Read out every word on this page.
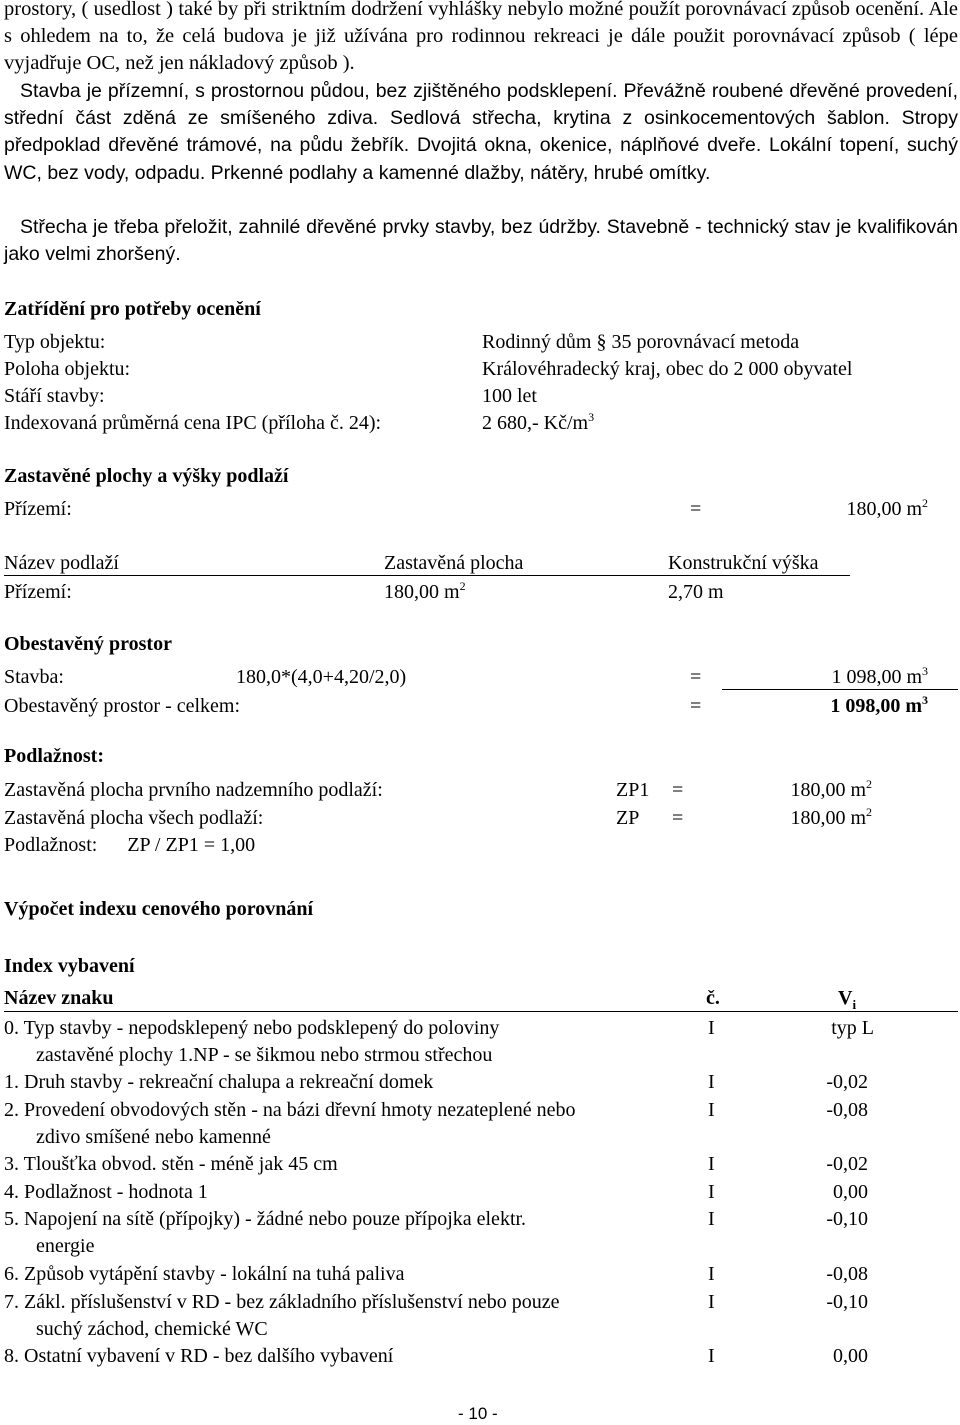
prostory, ( usedlost ) také by při striktním dodržení vyhlášky nebylo možné použít porovnávací způsob ocenění. Ale s ohledem na to, že celá budova je již užívána pro rodinnou rekreaci je dále použit porovnávací způsob ( lépe vyjadřuje OC, než jen nákladový způsob ).

Stavba je přízemní, s prostornou půdou, bez zjištěného podsklepení. Převážně roubené dřevěné provedení, střední část zděná ze smíšeného zdiva. Sedlová střecha, krytina z osinkocementových šablon. Stropy předpoklad dřevěné trámové, na půdu žebřík. Dvojitá okna, okenice, náplňové dveře. Lokální topení, suchý WC, bez vody, odpadu. Prkenné podlahy a kamenné dlažby, nátěry, hrubé omítky.

Střecha je třeba přeložit, zahnilé dřevěné prvky stavby, bez údržby. Stavebně - technický stav je kvalifikován jako velmi zhoršený.

Zatřídění pro potřeby ocenění
Typ objektu:	Rodinný dům § 35 porovnávací metoda
Poloha objektu:	Královéhradecký kraj, obec do 2 000 obyvatel
Stáří stavby:	100 let
Indexovaná průměrná cena IPC (příloha č. 24):	2 680,- $Kč/m^3$
Zastavěné plochy a výšky podlaží
Přízemí:	=	180,00 $m^2$
Název podlaží	Zastavěná plocha	Konstrukční výška
Přízemí:	180,00 $m^2$	2,70 m
Obestavěný prostor
Stavba:	180,0*(4,0+4,20/2,0)	=	1 098,00 $m^3$
Obestavěný prostor - celkem:	=	1 098,00 $m^3$
Podlažnost:
Zastavěná plocha prvního nadzemního podlaží:	ZP1 =	180,00 $m^2$
Zastavěná plocha všech podlaží:	ZP =	180,00 $m^2$
Podlažnost:      ZP / ZP1 = 1,00
Výpočet indexu cenového porovnání
Index vybavení
Název znaku	č.	$V_i$
0. Typ stavby - nepodsklepený nebo podsklepený do poloviny
zastavěné plochy 1.NP - se šikmou nebo strmou střechou
I	typ L
1. Druh stavby - rekreační chalupa a rekreační domek	I	-0,02
2. Provedení obvodových stěn - na bázi dřevní hmoty nezateplené nebo
zdivo smíšené nebo kamenné
I	-0,08
3. Tloušťka obvod. stěn - méně jak 45 cm	I	-0,02
4. Podlažnost - hodnota 1	I	0,00
5. Napojení na sítě (přípojky) - žádné nebo pouze přípojka elektr.
energie
I	-0,10
6. Způsob vytápění stavby - lokální na tuhá paliva	I	-0,08
7. Zákl. příslušenství v RD - bez základního příslušenství nebo pouze
suchý záchod, chemické WC
I	-0,10
8. Ostatní vybavení v RD - bez dalšího vybavení	I	0,00
- 10 -
